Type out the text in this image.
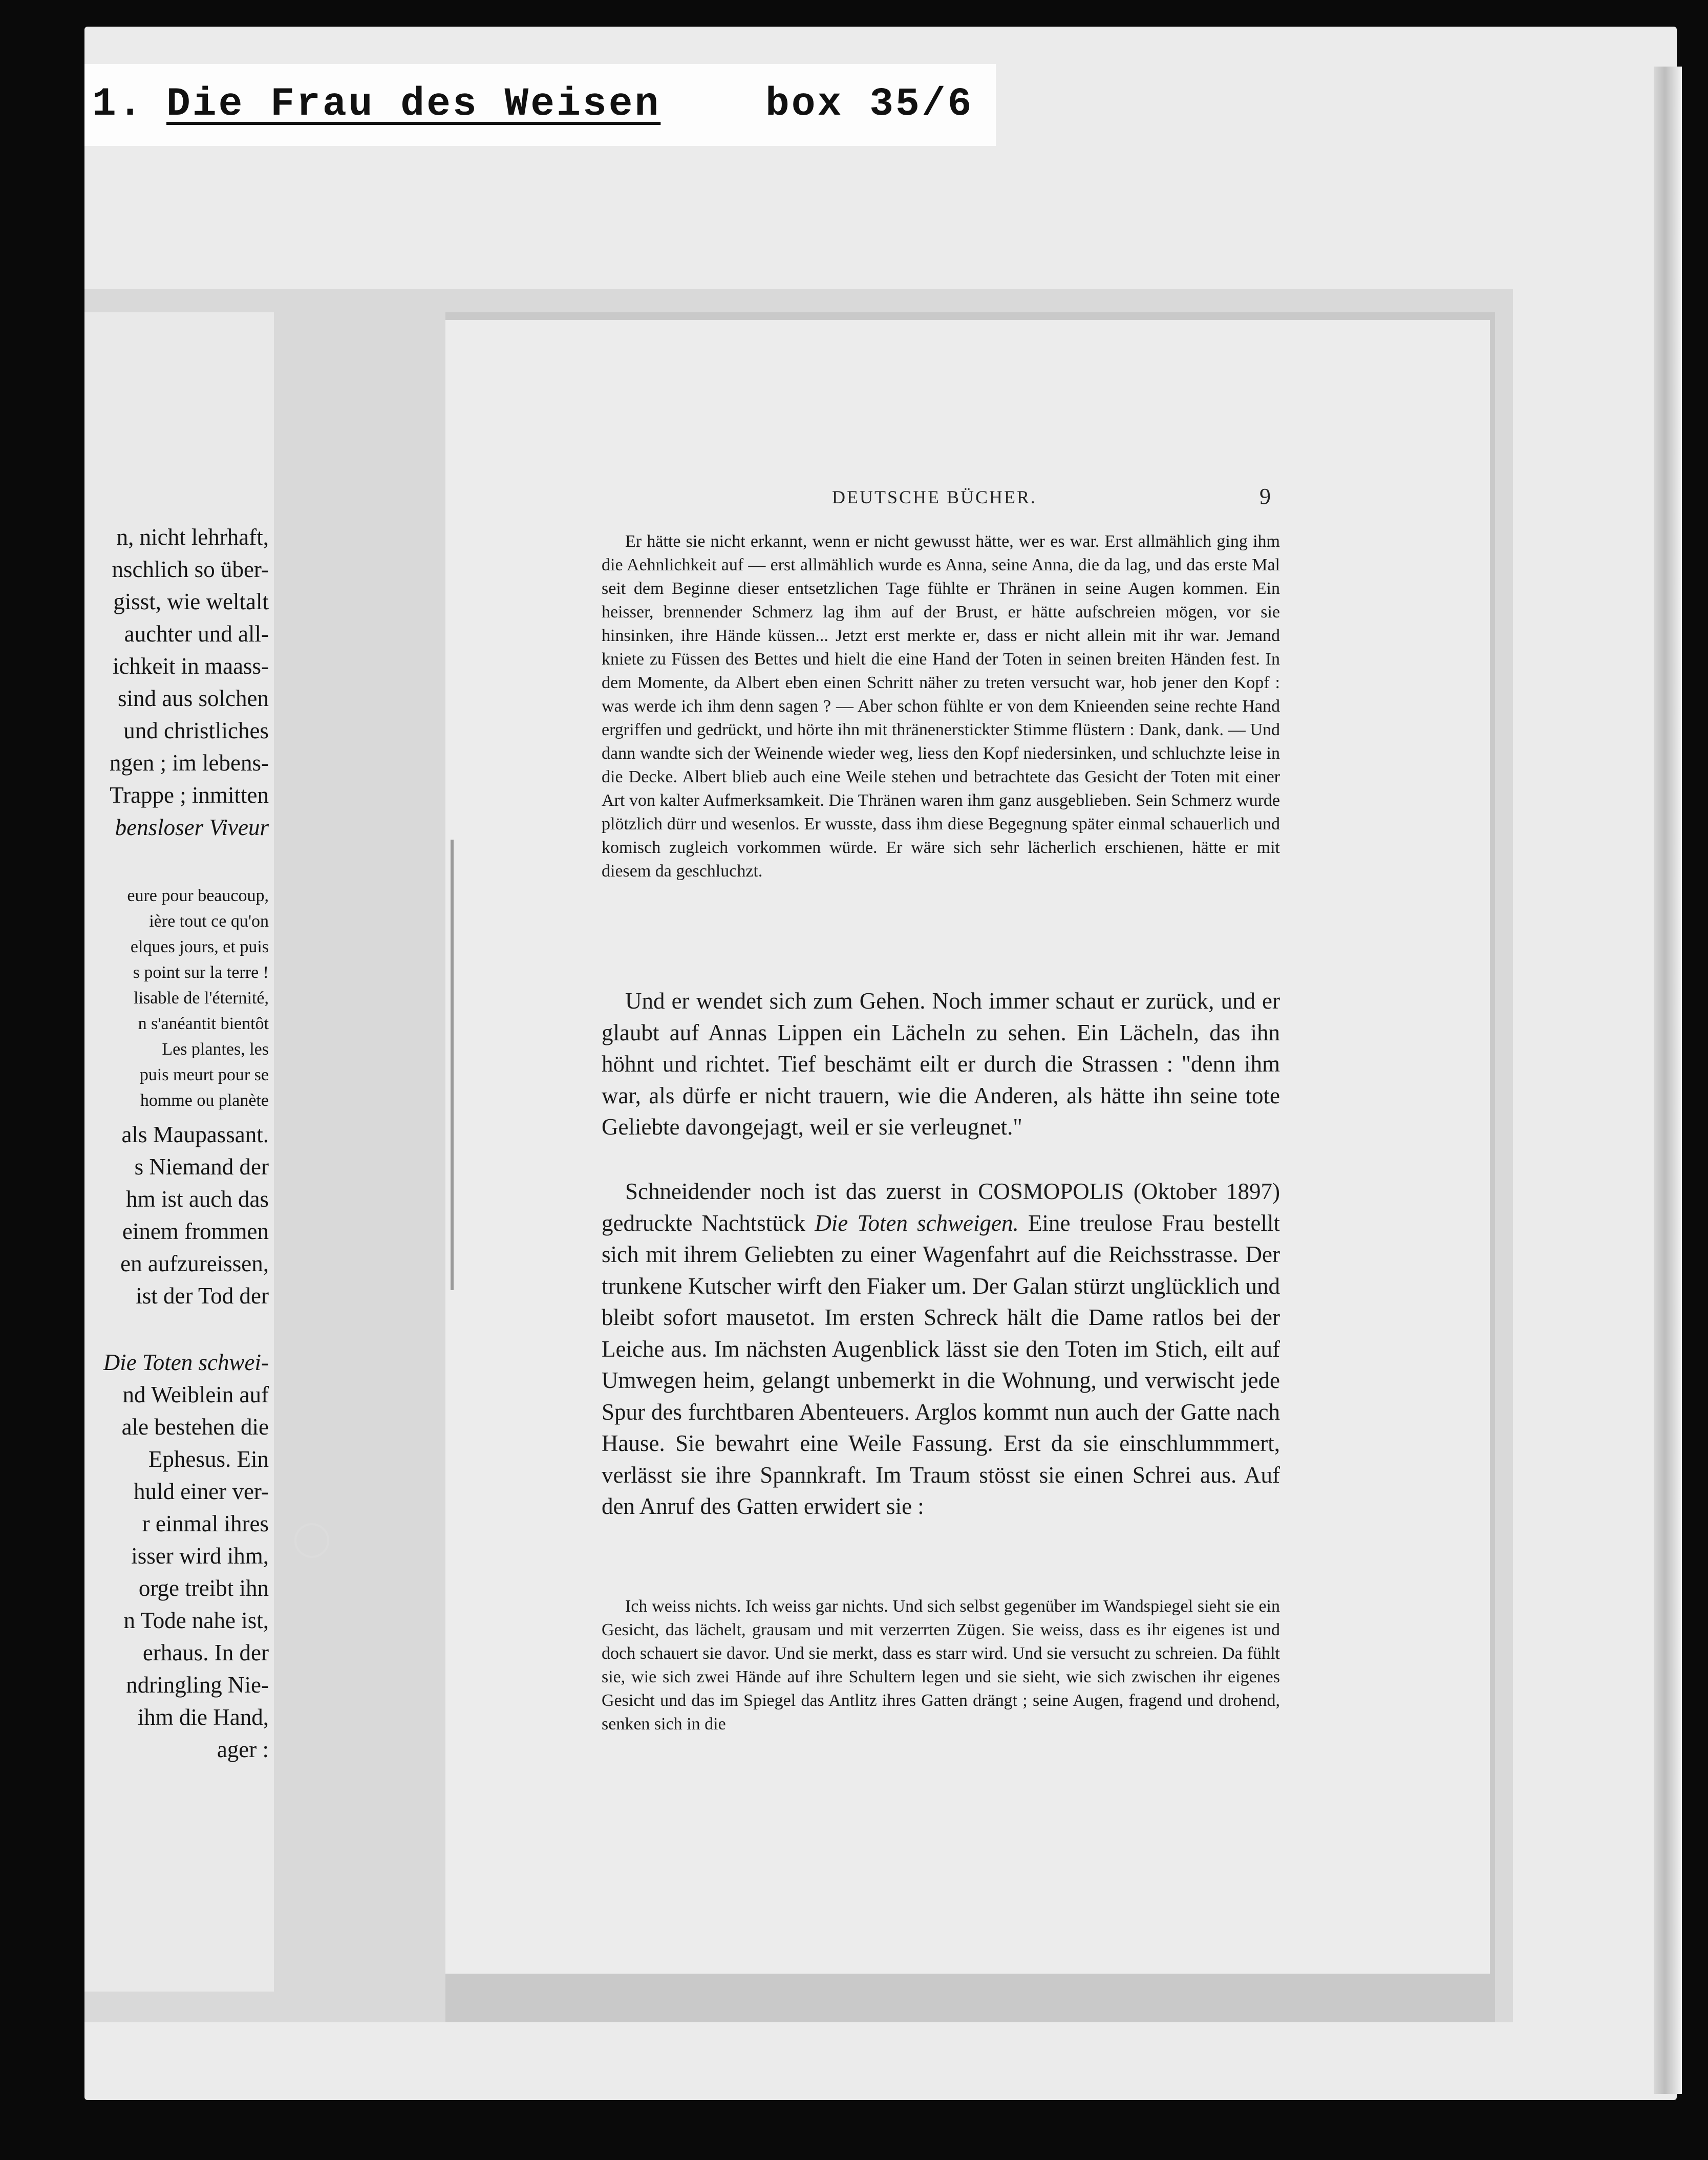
1. Die Frau des Weisen	box 35/6
n, nicht lehrhaft,
nschlich so über-
gisst, wie weltalt
auchter und all-
ichkeit in maass-
sind aus solchen
und christliches
ngen ; im lebens-
Trappe ; inmitten
bensloser Viveur
eure pour beaucoup,
ière tout ce qu'on
elques jours, et puis
s point sur la terre !
lisable de l'éternité,
n s'anéantit bientôt
Les plantes, les
puis meurt pour se
homme ou planète
als Maupassant.
s Niemand der
hm ist auch das
einem frommen
en aufzureissen,
ist der Tod der
Die Toten schwei-
nd Weiblein auf
ale bestehen die
Ephesus. Ein
huld einer ver-
r einmal ihres
isser wird ihm,
orge treibt ihn
n Tode nahe ist,
erhaus. In der
ndringling Nie-
ihm die Hand,
ager :
DEUTSCHE BÜCHER.	9

Er hätte sie nicht erkannt, wenn er nicht gewusst hätte, wer es war. Erst allmählich ging ihm die Aehnlichkeit auf — erst allmählich wurde es Anna, seine Anna, die da lag, und das erste Mal seit dem Beginne dieser entsetzlichen Tage fühlte er Thränen in seine Augen kommen. Ein heisser, brennender Schmerz lag ihm auf der Brust, er hätte aufschreien mögen, vor sie hinsinken, ihre Hände küssen... Jetzt erst merkte er, dass er nicht allein mit ihr war. Jemand kniete zu Füssen des Bettes und hielt die eine Hand der Toten in seinen breiten Händen fest. In dem Momente, da Albert eben einen Schritt näher zu treten versucht war, hob jener den Kopf : was werde ich ihm denn sagen ? — Aber schon fühlte er von dem Knieenden seine rechte Hand ergriffen und gedrückt, und hörte ihn mit thränenerstickter Stimme flüstern : Dank, dank. — Und dann wandte sich der Weinende wieder weg, liess den Kopf niedersinken, und schluchzte leise in die Decke. Albert blieb auch eine Weile stehen und betrachtete das Gesicht der Toten mit einer Art von kalter Aufmerksamkeit. Die Thränen waren ihm ganz ausgeblieben. Sein Schmerz wurde plötzlich dürr und wesenlos. Er wusste, dass ihm diese Begegnung später einmal schauerlich und komisch zugleich vorkommen würde. Er wäre sich sehr lächerlich erschienen, hätte er mit diesem da geschluchzt.

Und er wendet sich zum Gehen. Noch immer schaut er zurück, und er glaubt auf Annas Lippen ein Lächeln zu sehen. Ein Lächeln, das ihn höhnt und richtet. Tief beschämt eilt er durch die Strassen : "denn ihm war, als dürfe er nicht trauern, wie die Anderen, als hätte ihn seine tote Geliebte davongejagt, weil er sie verleugnet."

Schneidender noch ist das zuerst in COSMOPOLIS (Oktober 1897) gedruckte Nachtstück Die Toten schweigen. Eine treulose Frau bestellt sich mit ihrem Geliebten zu einer Wagenfahrt auf die Reichsstrasse. Der trunkene Kutscher wirft den Fiaker um. Der Galan stürzt unglücklich und bleibt sofort mausetot. Im ersten Schreck hält die Dame ratlos bei der Leiche aus. Im nächsten Augenblick lässt sie den Toten im Stich, eilt auf Umwegen heim, gelangt unbemerkt in die Wohnung, und verwischt jede Spur des furchtbaren Abenteuers. Arglos kommt nun auch der Gatte nach Hause. Sie bewahrt eine Weile Fassung. Erst da sie einschlummmert, verlässt sie ihre Spannkraft. Im Traum stösst sie einen Schrei aus. Auf den Anruf des Gatten erwidert sie :

Ich weiss nichts. Ich weiss gar nichts. Und sich selbst gegenüber im Wandspiegel sieht sie ein Gesicht, das lächelt, grausam und mit verzerrten Zügen. Sie weiss, dass es ihr eigenes ist und doch schauert sie davor. Und sie merkt, dass es starr wird. Und sie versucht zu schreien. Da fühlt sie, wie sich zwei Hände auf ihre Schultern legen und sie sieht, wie sich zwischen ihr eigenes Gesicht und das im Spiegel das Antlitz ihres Gatten drängt ; seine Augen, fragend und drohend, senken sich in die
